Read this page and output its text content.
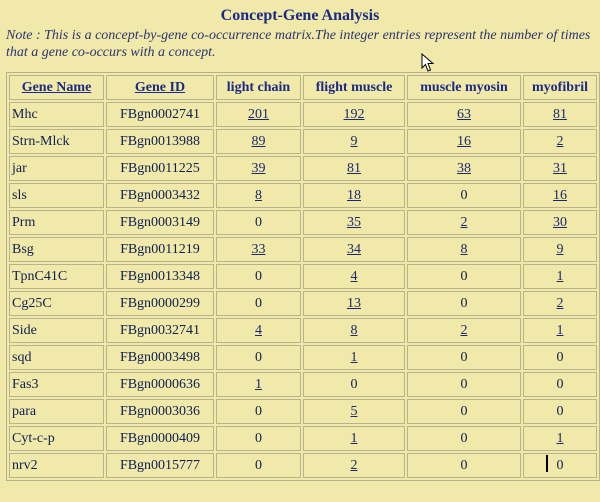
Concept-Gene Analysis
Note : This is a concept-by-gene co-occurrence matrix.The integer entries represent the number of times that a gene co-occurs with a concept.
Gene Name	Gene ID	light chain	flight muscle	muscle myosin	myofibril
Mhc	FBgn0002741	201	192	63	81
Strn-Mlck	FBgn0013988	89	9	16	2
jar	FBgn0011225	39	81	38	31
sls	FBgn0003432	8	18	0	16
Prm	FBgn0003149	0	35	2	30
Bsg	FBgn0011219	33	34	8	9
TpnC41C	FBgn0013348	0	4	0	1
Cg25C	FBgn0000299	0	13	0	2
Side	FBgn0032741	4	8	2	1
sqd	FBgn0003498	0	1	0	0
Fas3	FBgn0000636	1	0	0	0
para	FBgn0003036	0	5	0	0
Cyt-c-p	FBgn0000409	0	1	0	1
nrv2	FBgn0015777	0	2	0	0
